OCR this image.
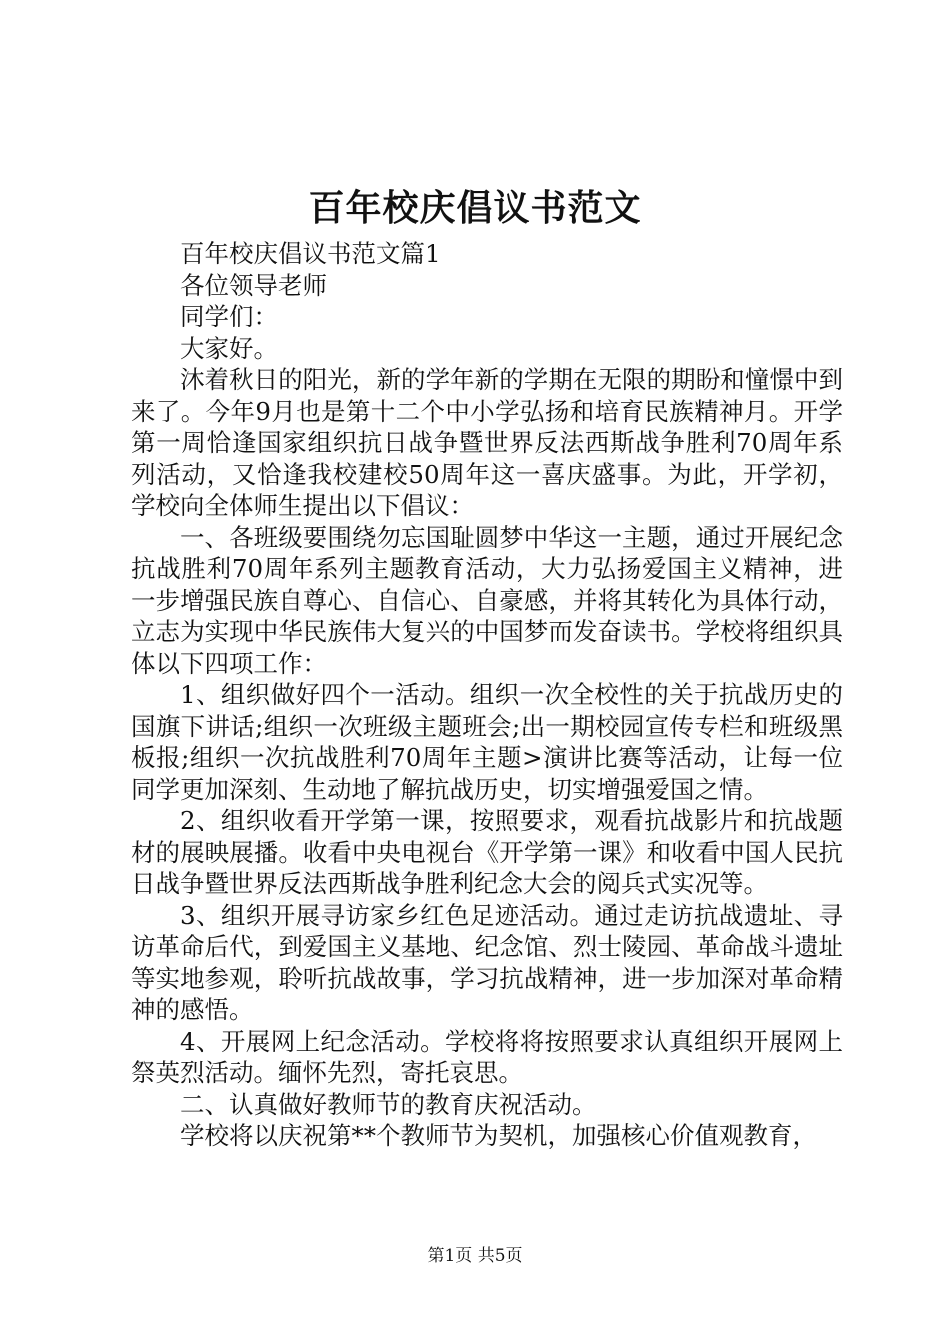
百年校庆倡议书范文

百年校庆倡议书范文篇1

各位领导老师

同学们：

大家好。

沐着秋日的阳光，新的学年新的学期在无限的期盼和憧憬中到来了。今年9月也是第十二个中小学弘扬和培育民族精神月。开学第一周恰逢国家组织抗日战争暨世界反法西斯战争胜利70周年系列活动，又恰逢我校建校50周年这一喜庆盛事。为此，开学初，学校向全体师生提出以下倡议：

一、各班级要围绕勿忘国耻圆梦中华这一主题，通过开展纪念抗战胜利70周年系列主题教育活动，大力弘扬爱国主义精神，进一步增强民族自尊心、自信心、自豪感，并将其转化为具体行动，立志为实现中华民族伟大复兴的中国梦而发奋读书。学校将组织具体以下四项工作：

1、组织做好四个一活动。组织一次全校性的关于抗战历史的国旗下讲话;组织一次班级主题班会;出一期校园宣传专栏和班级黑板报;组织一次抗战胜利70周年主题>演讲比赛等活动，让每一位同学更加深刻、生动地了解抗战历史，切实增强爱国之情。

2、组织收看开学第一课，按照要求，观看抗战影片和抗战题材的展映展播。收看中央电视台《开学第一课》和收看中国人民抗日战争暨世界反法西斯战争胜利纪念大会的阅兵式实况等。

3、组织开展寻访家乡红色足迹活动。通过走访抗战遗址、寻访革命后代，到爱国主义基地、纪念馆、烈士陵园、革命战斗遗址等实地参观，聆听抗战故事，学习抗战精神，进一步加深对革命精神的感悟。

4、开展网上纪念活动。学校将将按照要求认真组织开展网上祭英烈活动。缅怀先烈，寄托哀思。

二、认真做好教师节的教育庆祝活动。

学校将以庆祝第**个教师节为契机，加强核心价值观教育，

第1页 共5页
